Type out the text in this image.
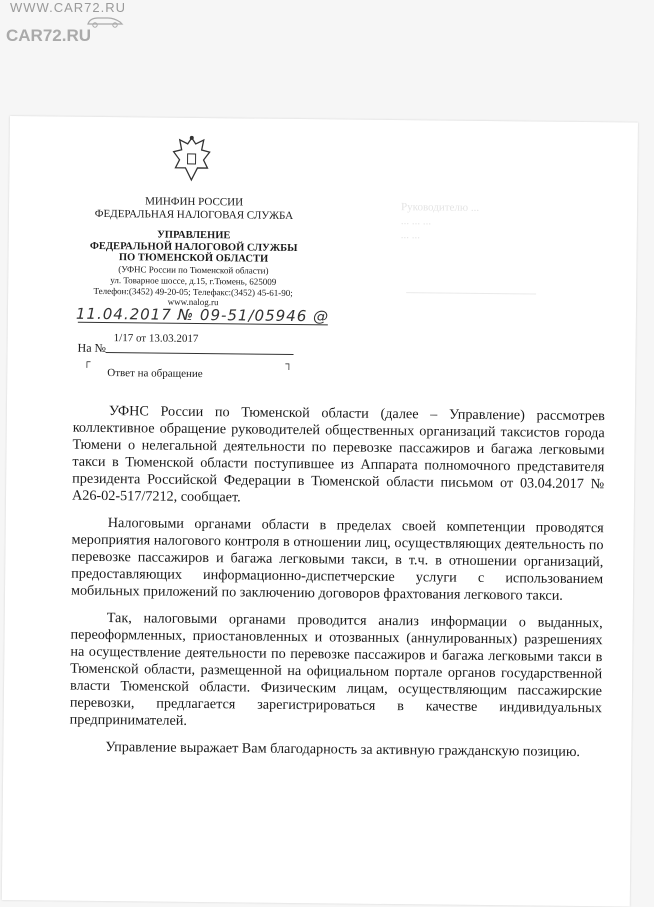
WWW.CAR72.RU
CAR72.RU
МИНФИН РОССИИ
ФЕДЕРАЛЬНАЯ НАЛОГОВАЯ СЛУЖБА
УПРАВЛЕНИЕ
ФЕДЕРАЛЬНОЙ НАЛОГОВОЙ СЛУЖБЫ
ПО ТЮМЕНСКОЙ ОБЛАСТИ
(УФНС России по Тюменской области)
ул. Товарное шоссе, д.15, г.Тюмень, 625009
Телефон:(3452) 49-20-05; Телефакс:(3452) 45-61-90;
www.nalog.ru
11.04.2017 № 09-51/05946 @
На №
1/17 от 13.03.2017
┌	┐
Ответ на обращение
Руководителю ...
... ... ...
... ...

УФНС России по Тюменской области (далее – Управление) рассмотрев коллективное обращение руководителей общественных организаций таксистов города Тюмени о нелегальной деятельности по перевозке пассажиров и багажа легковыми такси в Тюменской области поступившее из Аппарата полномочного представителя президента Российской Федерации в Тюменской области письмом от 03.04.2017 № А26-02-517/7212, сообщает.

Налоговыми органами области в пределах своей компетенции проводятся мероприятия налогового контроля в отношении лиц, осуществляющих деятельность по перевозке пассажиров и багажа легковыми такси, в т.ч. в отношении организаций, предоставляющих информационно-диспетчерские услуги с использованием мобильных приложений по заключению договоров фрахтования легкового такси.

Так, налоговыми органами проводится анализ информации о выданных, переоформленных, приостановленных и отозванных (аннулированных) разрешениях на осуществление деятельности по перевозке пассажиров и багажа легковыми такси в Тюменской области, размещенной на официальном портале органов государственной власти Тюменской области. Физическим лицам, осуществляющим пассажирские перевозки, предлагается зарегистрироваться в качестве индивидуальных предпринимателей.

Управление выражает Вам благодарность за активную гражданскую позицию.
